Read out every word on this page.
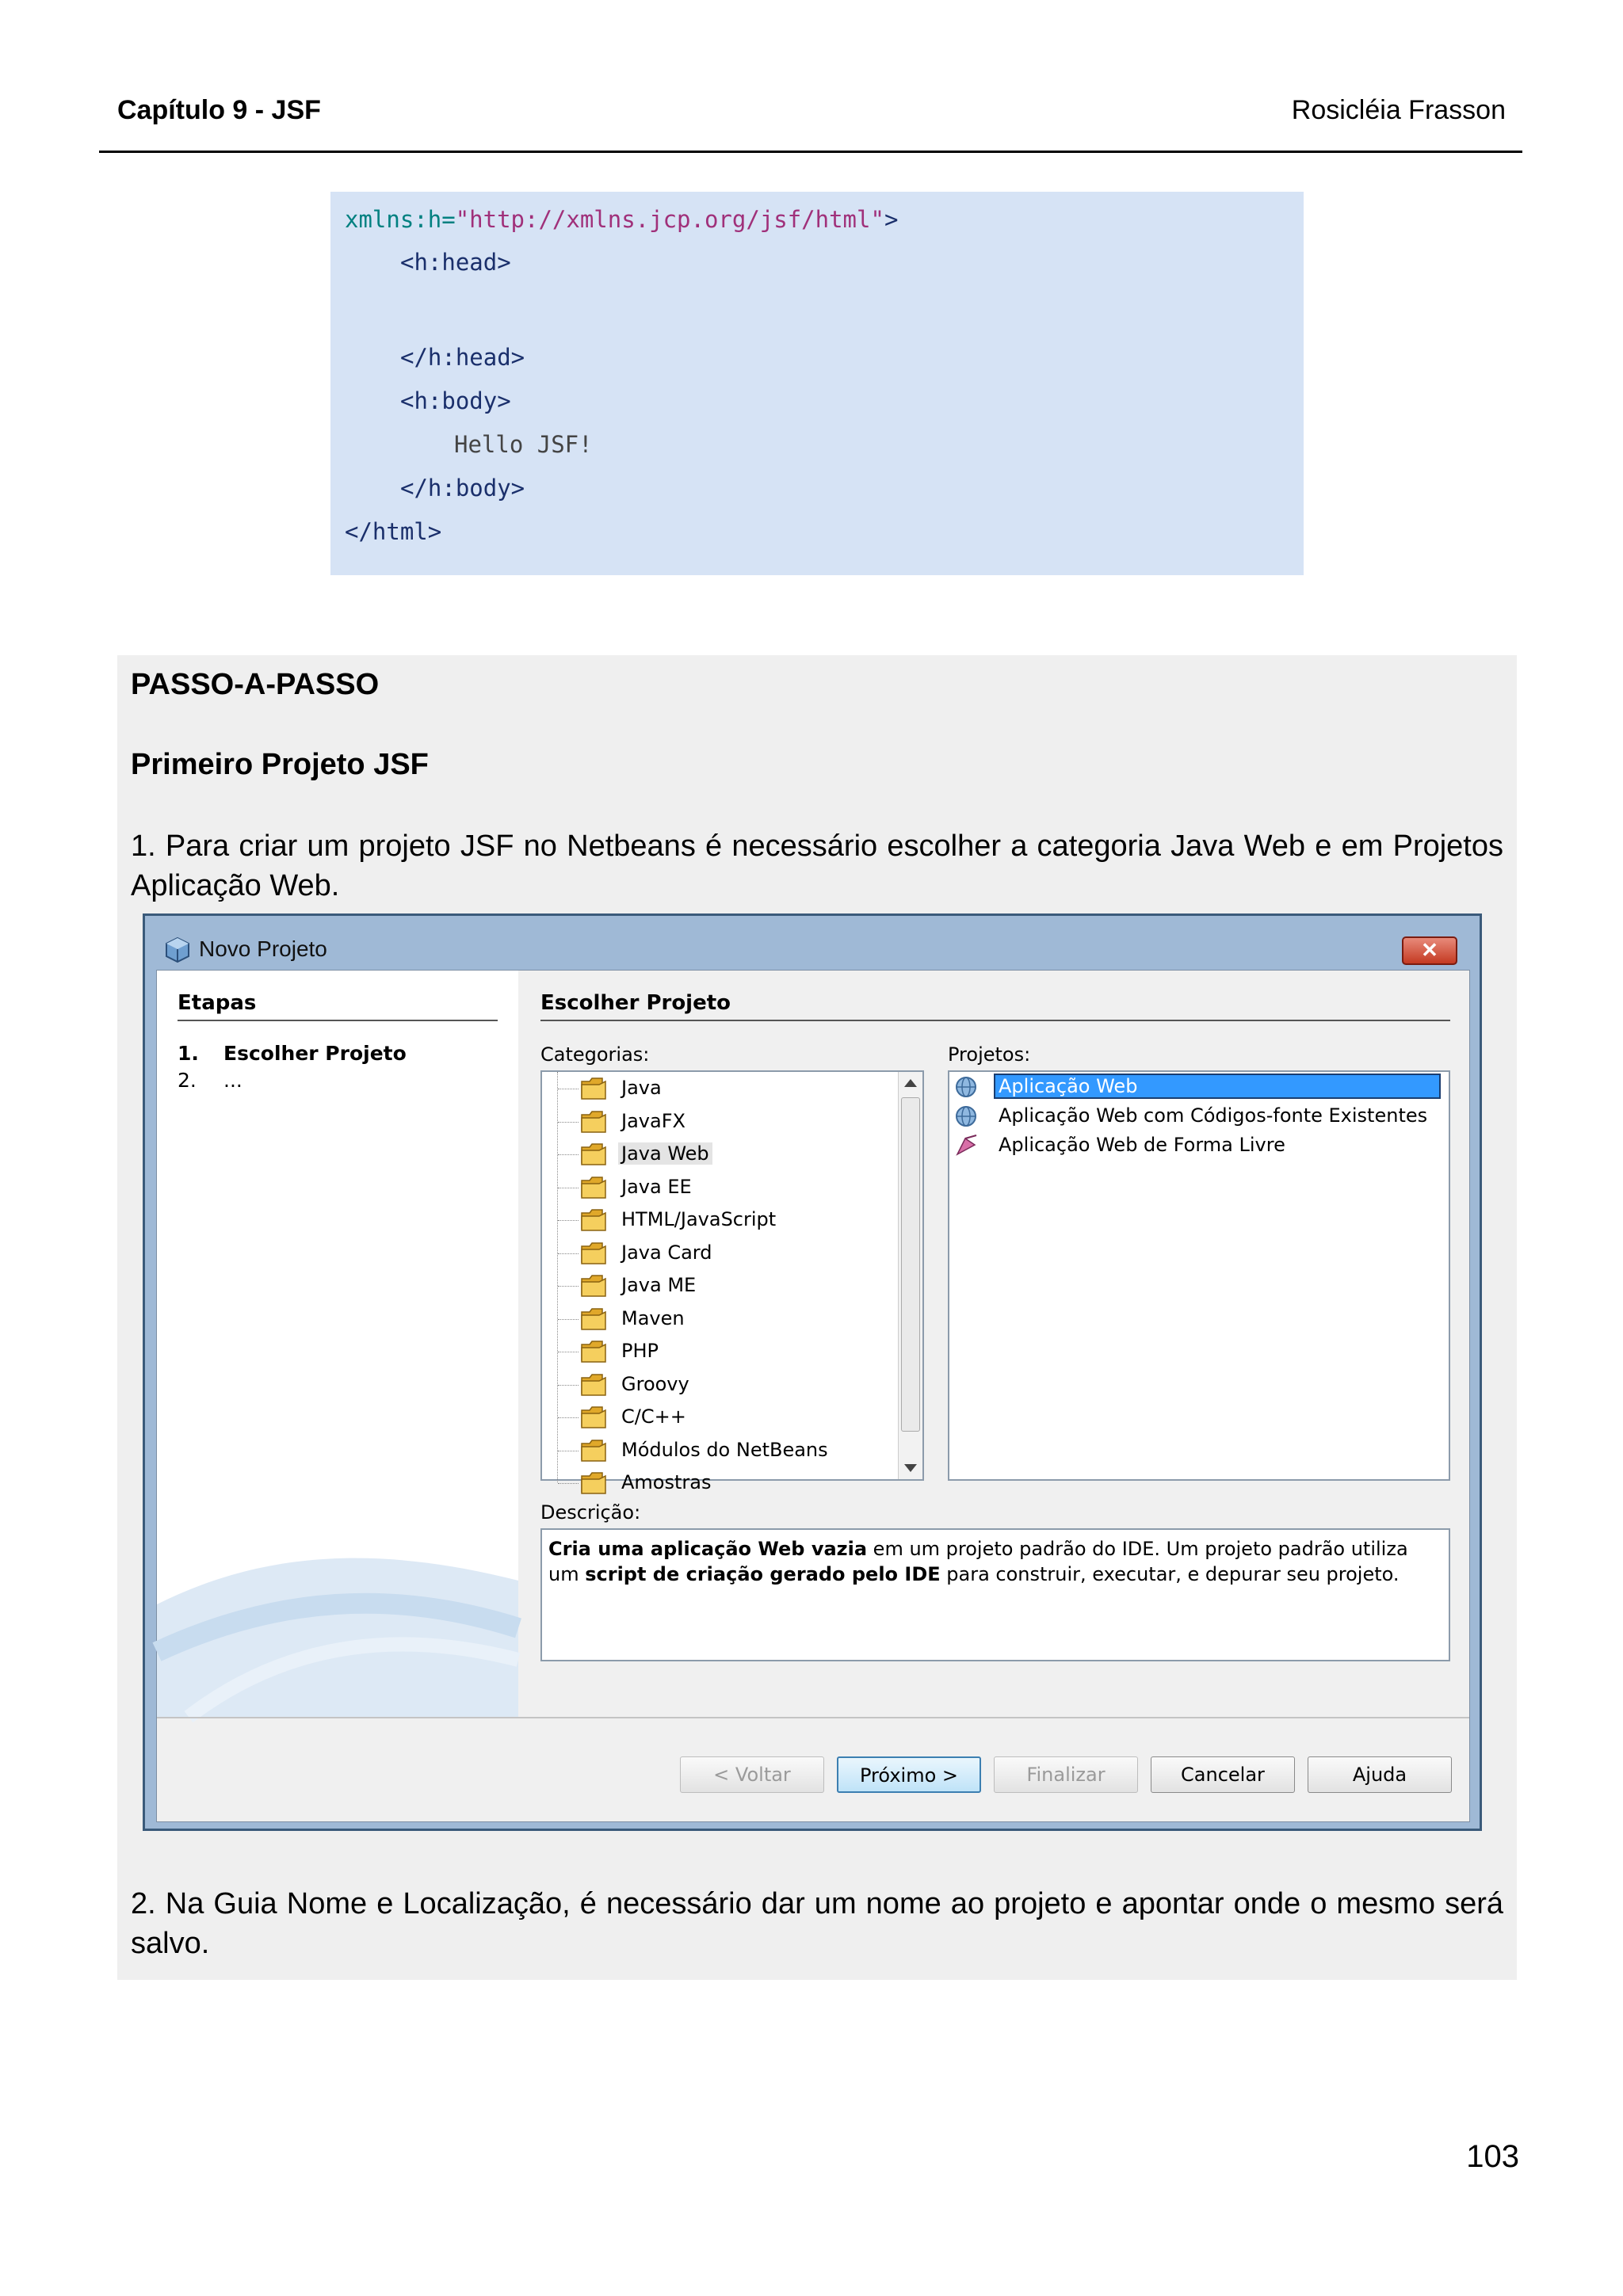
Capítulo 9 - JSF	Rosicléia Frasson
xmlns:h="http://xmlns.jcp.org/jsf/html">
<h:head>
</h:head>
<h:body>
Hello JSF!
</h:body>
</html>
PASSO-A-PASSO
Primeiro Projeto JSF
1. Para criar um projeto JSF no Netbeans é necessário escolher a categoria Java Web e em Projetos Aplicação Web.
Novo Projeto	✕
Etapas
1. Escolher Projeto
2. ...
Escolher Projeto
Categorias:	Projetos:
Java
JavaFX
Java Web
Java EE
HTML/JavaScript
Java Card
Java ME
Maven
PHP
Groovy
C/C++
Módulos do NetBeans
Amostras
Aplicação Web
Aplicação Web com Códigos-fonte Existentes
Aplicação Web de Forma Livre
Descrição:
Cria uma aplicação Web vazia em um projeto padrão do IDE. Um projeto padrão utiliza um script de criação gerado pelo IDE para construir, executar, e depurar seu projeto.
< Voltar	Próximo >	Finalizar	Cancelar	Ajuda
2. Na Guia Nome e Localização, é necessário dar um nome ao projeto e apontar onde o mesmo será salvo.
103
